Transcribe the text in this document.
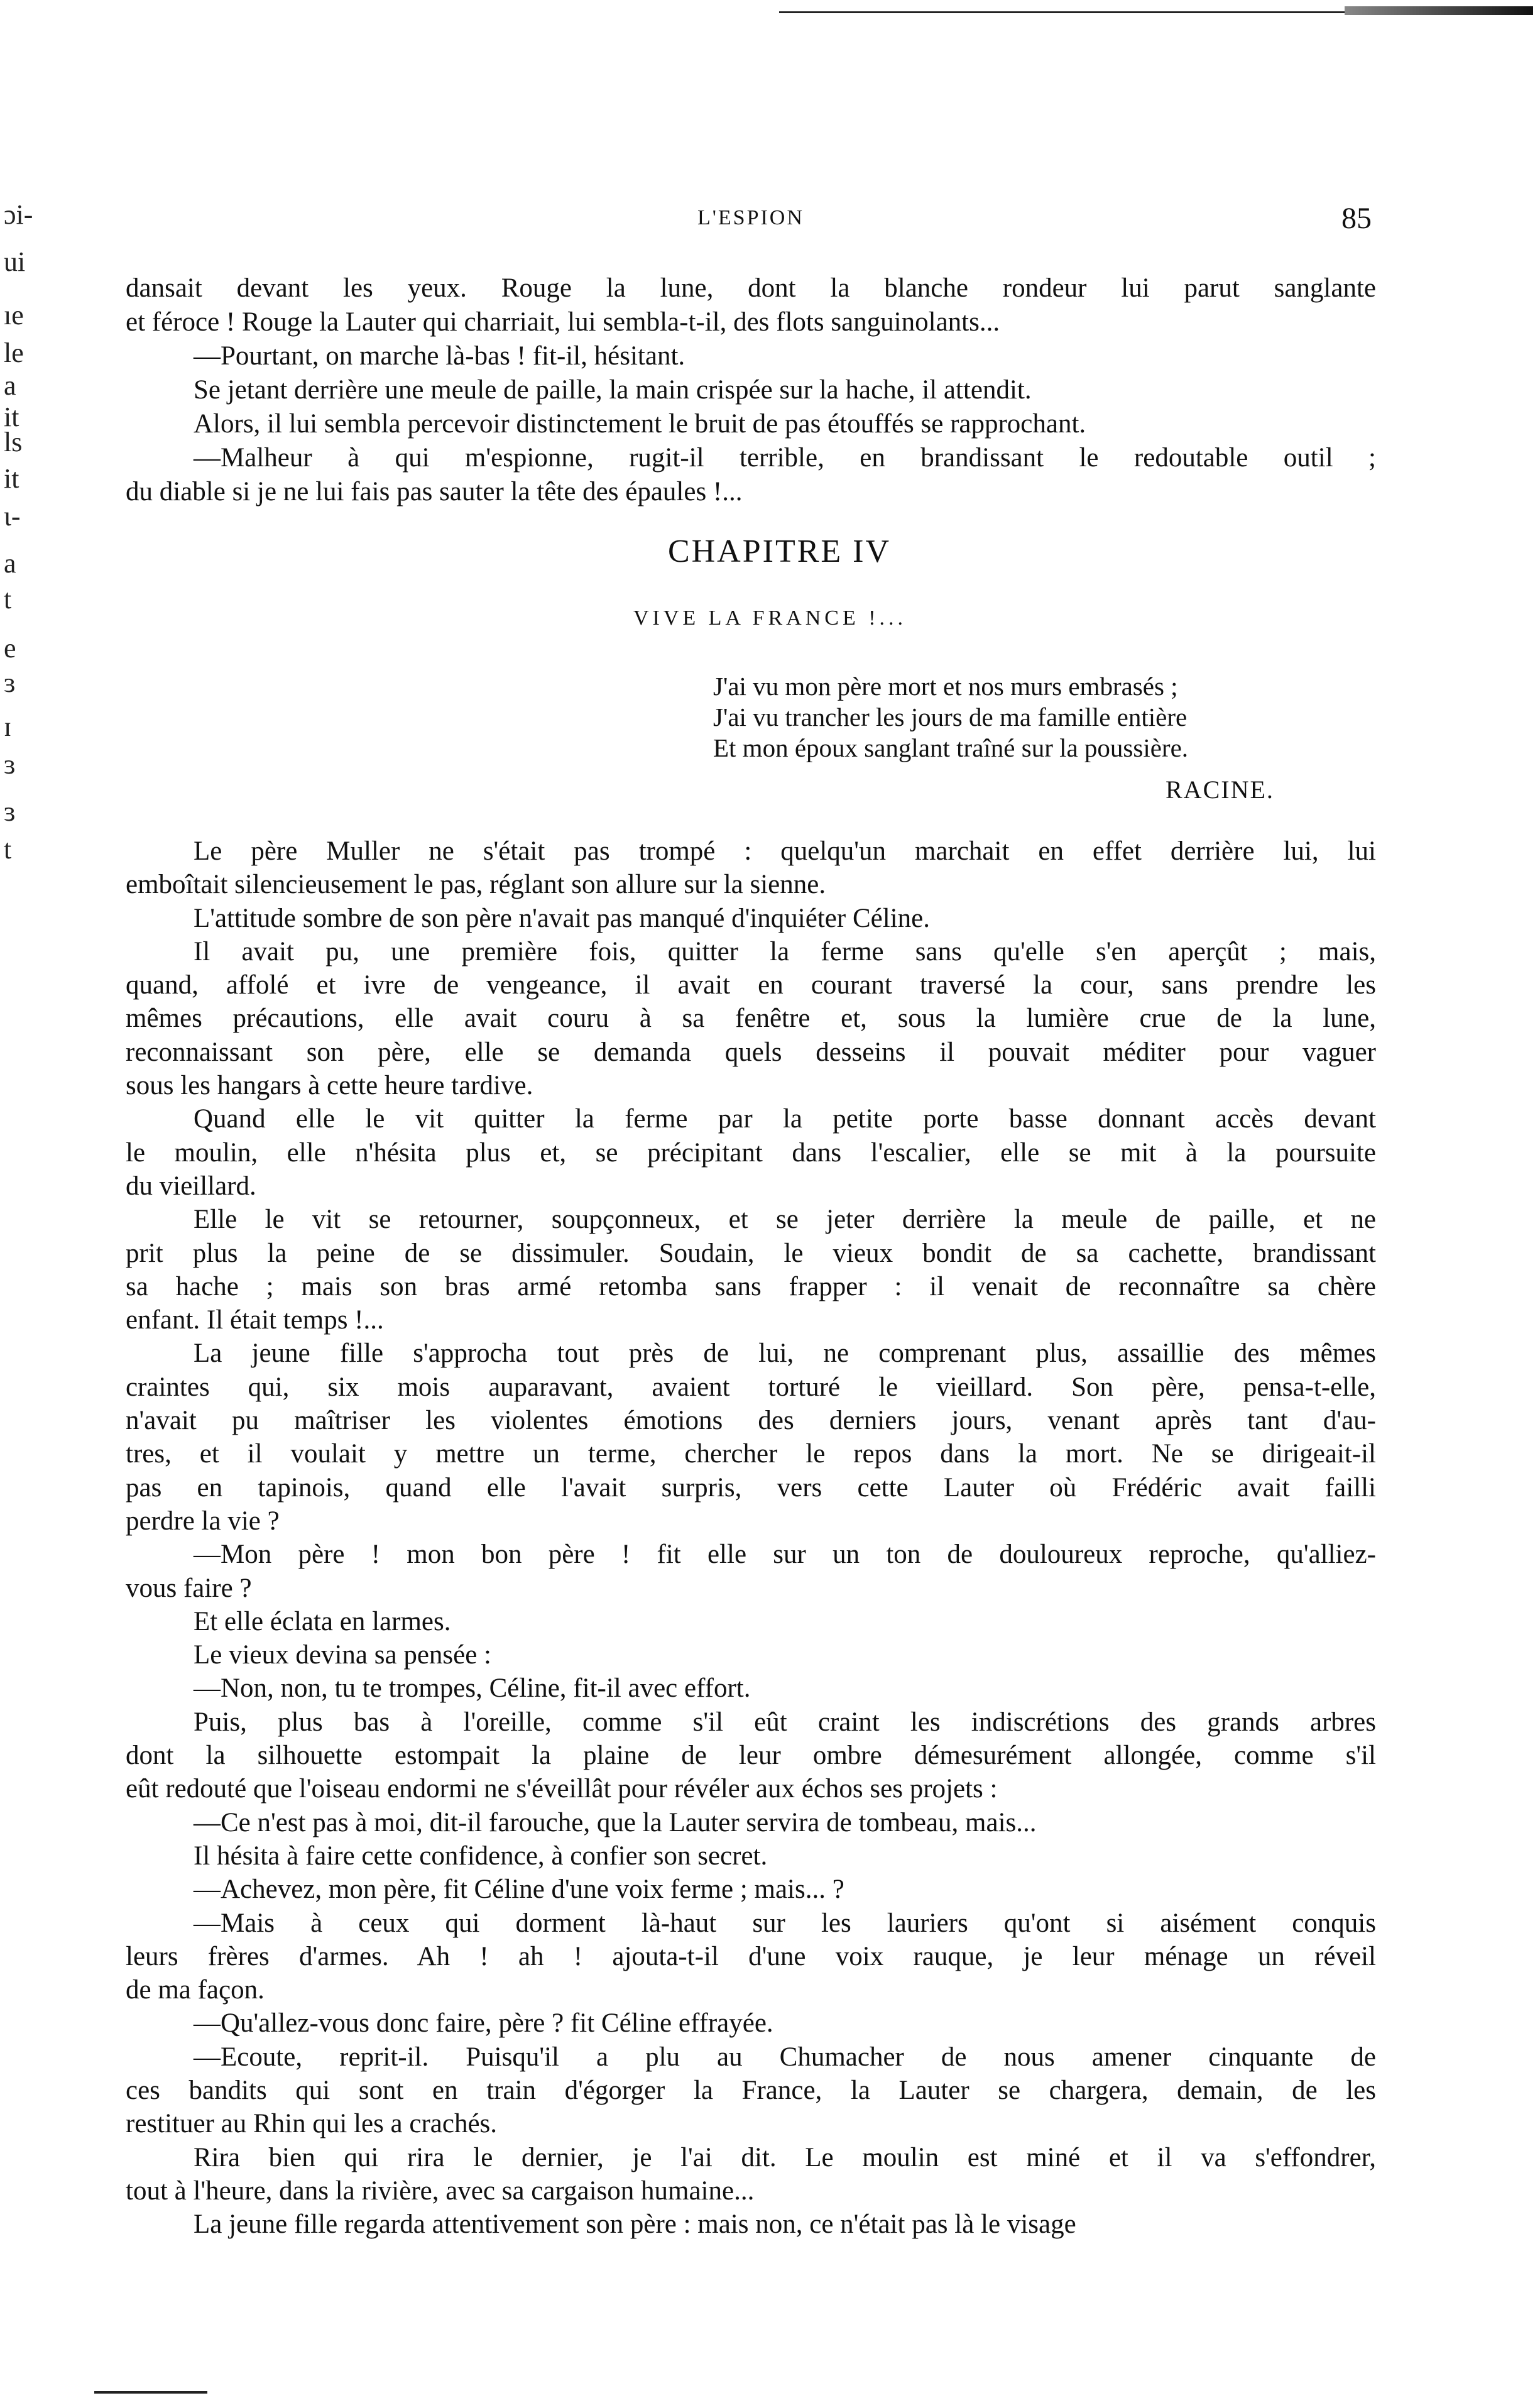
ɔi-
ui
ıe
le
a
it
ls
it
ι-
a
t
e
ɜ
ɪ
ɜ
ɜ
t
L'ESPION	85
dansait devant les yeux. Rouge la lune, dont la blanche rondeur lui parut sanglante
et féroce ! Rouge la Lauter qui charriait, lui sembla-t-il, des flots sanguinolants...
—Pourtant, on marche là-bas ! fit-il, hésitant.
Se jetant derrière une meule de paille, la main crispée sur la hache, il attendit.
Alors, il lui sembla percevoir distinctement le bruit de pas étouffés se rapprochant.
—Malheur à qui m'espionne, rugit-il terrible, en brandissant le redoutable outil ;
du diable si je ne lui fais pas sauter la tête des épaules !...
CHAPITRE IV
VIVE LA FRANCE !...
J'ai vu mon père mort et nos murs embrasés ;
J'ai vu trancher les jours de ma famille entière
Et mon époux sanglant traîné sur la poussière.
RACINE.
Le père Muller ne s'était pas trompé : quelqu'un marchait en effet derrière lui, lui
emboîtait silencieusement le pas, réglant son allure sur la sienne.
L'attitude sombre de son père n'avait pas manqué d'inquiéter Céline.
Il avait pu, une première fois, quitter la ferme sans qu'elle s'en aperçût ; mais,
quand, affolé et ivre de vengeance, il avait en courant traversé la cour, sans prendre les
mêmes précautions, elle avait couru à sa fenêtre et, sous la lumière crue de la lune,
reconnaissant son père, elle se demanda quels desseins il pouvait méditer pour vaguer
sous les hangars à cette heure tardive.
Quand elle le vit quitter la ferme par la petite porte basse donnant accès devant
le moulin, elle n'hésita plus et, se précipitant dans l'escalier, elle se mit à la poursuite
du vieillard.
Elle le vit se retourner, soupçonneux, et se jeter derrière la meule de paille, et ne
prit plus la peine de se dissimuler. Soudain, le vieux bondit de sa cachette, brandissant
sa hache ; mais son bras armé retomba sans frapper : il venait de reconnaître sa chère
enfant. Il était temps !...
La jeune fille s'approcha tout près de lui, ne comprenant plus, assaillie des mêmes
craintes qui, six mois auparavant, avaient torturé le vieillard. Son père, pensa-t-elle,
n'avait pu maîtriser les violentes émotions des derniers jours, venant après tant d'au-
tres, et il voulait y mettre un terme, chercher le repos dans la mort. Ne se dirigeait-il
pas en tapinois, quand elle l'avait surpris, vers cette Lauter où Frédéric avait failli
perdre la vie ?
—Mon père ! mon bon père ! fit elle sur un ton de douloureux reproche, qu'alliez-
vous faire ?
Et elle éclata en larmes.
Le vieux devina sa pensée :
—Non, non, tu te trompes, Céline, fit-il avec effort.
Puis, plus bas à l'oreille, comme s'il eût craint les indiscrétions des grands arbres
dont la silhouette estompait la plaine de leur ombre démesurément allongée, comme s'il
eût redouté que l'oiseau endormi ne s'éveillât pour révéler aux échos ses projets :
—Ce n'est pas à moi, dit-il farouche, que la Lauter servira de tombeau, mais...
Il hésita à faire cette confidence, à confier son secret.
—Achevez, mon père, fit Céline d'une voix ferme ; mais... ?
—Mais à ceux qui dorment là-haut sur les lauriers qu'ont si aisément conquis
leurs frères d'armes. Ah ! ah ! ajouta-t-il d'une voix rauque, je leur ménage un réveil
de ma façon.
—Qu'allez-vous donc faire, père ? fit Céline effrayée.
—Ecoute, reprit-il. Puisqu'il a plu au Chumacher de nous amener cinquante de
ces bandits qui sont en train d'égorger la France, la Lauter se chargera, demain, de les
restituer au Rhin qui les a crachés.
Rira bien qui rira le dernier, je l'ai dit. Le moulin est miné et il va s'effondrer,
tout à l'heure, dans la rivière, avec sa cargaison humaine...
La jeune fille regarda attentivement son père : mais non, ce n'était pas là le visage
